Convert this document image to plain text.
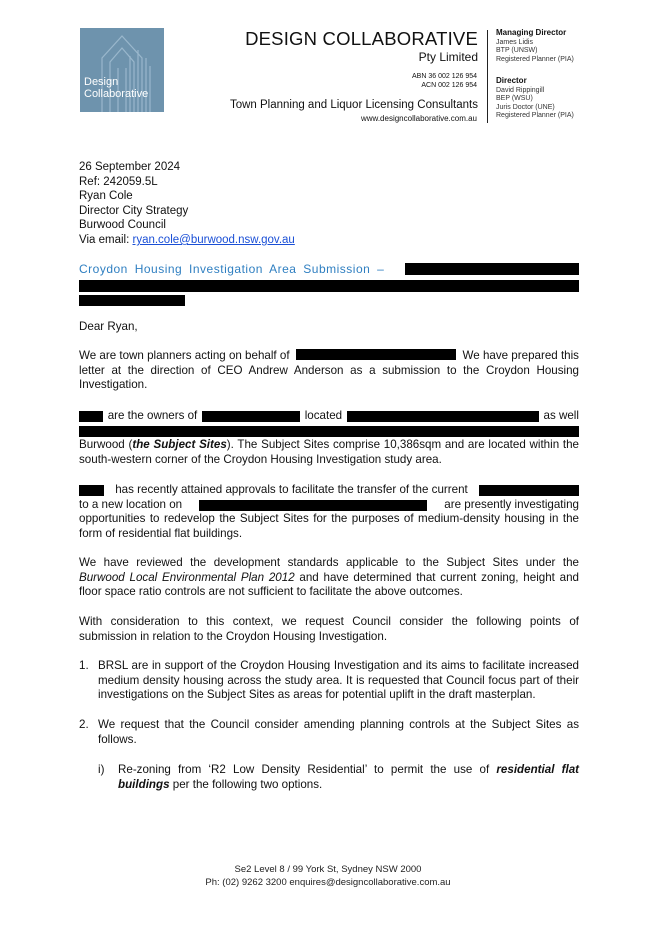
Design
Collaborative
DESIGN COLLABORATIVE
Pty Limited
ABN 36 002 126 954
ACN 002 126 954
Town Planning and Liquor Licensing Consultants
www.designcollaborative.com.au
Managing Director
James Lidis
BTP (UNSW)
Registered Planner (PIA)
Director
David Rippingill
BEP (WSU)
Juris Doctor (UNE)
Registered Planner (PIA)
26 September 2024
Ref: 242059.5L
Ryan Cole
Director City Strategy
Burwood Council
Via email: ryan.cole@burwood.nsw.gov.au
Croydon Housing Investigation Area Submission –
Dear Ryan,
We are town planners acting on behalf of	We have prepared this
letter at the direction of CEO Andrew Anderson as a submission to the Croydon Housing
Investigation.
are the owners of	located	as well
Burwood (the Subject Sites). The Subject Sites comprise 10,386sqm and are located within the
south-western corner of the Croydon Housing Investigation study area.
has recently attained approvals to facilitate the transfer of the current
to a new location on	are presently investigating
opportunities to redevelop the Subject Sites for the purposes of medium-density housing in the
form of residential flat buildings.
We have reviewed the development standards applicable to the Subject Sites under the
Burwood Local Environmental Plan 2012 and have determined that current zoning, height and
floor space ratio controls are not sufficient to facilitate the above outcomes.
With consideration to this context, we request Council consider the following points of
submission in relation to the Croydon Housing Investigation.
1. BRSL are in support of the Croydon Housing Investigation and its aims to facilitate increased
medium density housing across the study area. It is requested that Council focus part of their
investigations on the Subject Sites as areas for potential uplift in the draft masterplan.
2. We request that the Council consider amending planning controls at the Subject Sites as
follows.
i) Re-zoning from ‘R2 Low Density Residential’ to permit the use of residential flat
buildings per the following two options.
Se2 Level 8 / 99 York St, Sydney NSW 2000
Ph: (02) 9262 3200 enquires@designcollaborative.com.au
